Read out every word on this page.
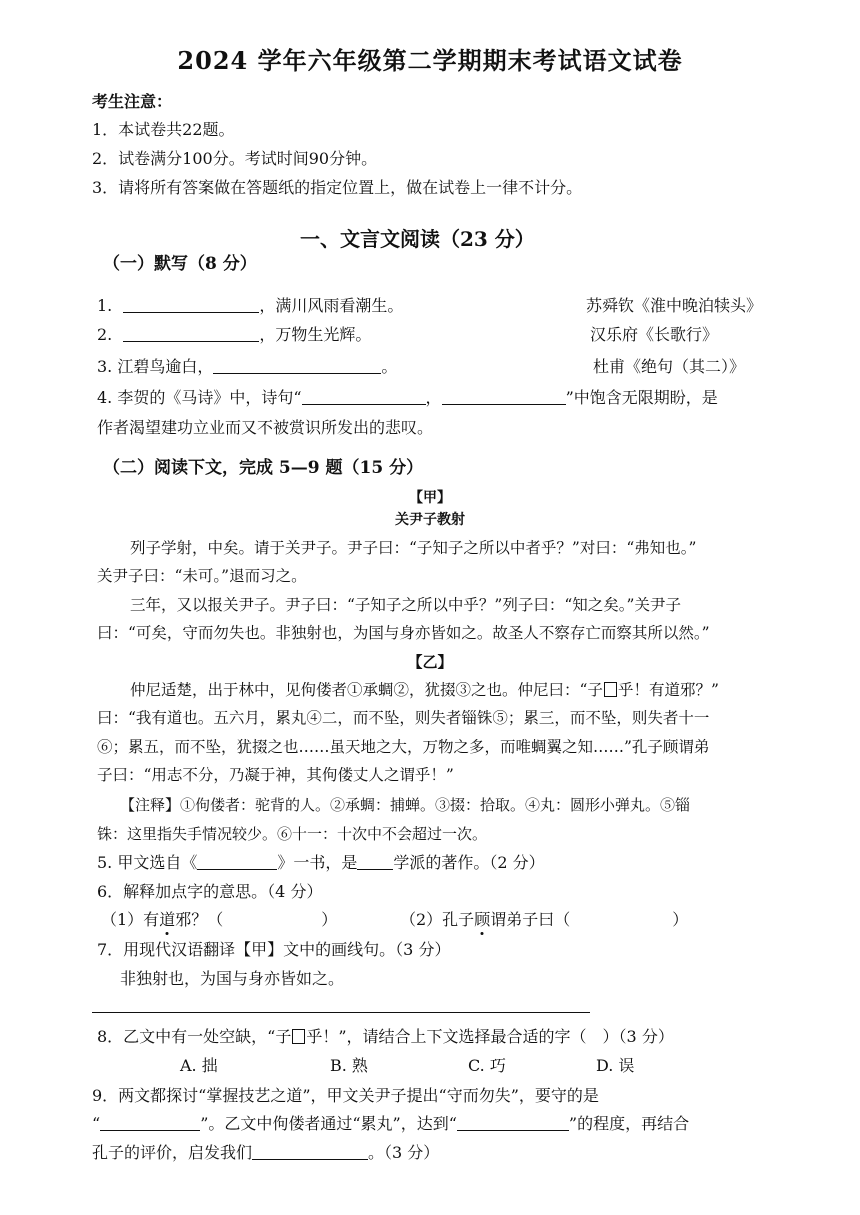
2024 学年六年级第二学期期末考试语文试卷
考生注意：
1．本试卷共22题。
2．试卷满分100分。考试时间90分钟。
3．请将所有答案做在答题纸的指定位置上，做在试卷上一律不计分。
一、文言文阅读（23 分）
（一）默写（8 分）
1.	，满川风雨看潮生。	苏舜钦《淮中晚泊犊头》
2.	，万物生光辉。	汉乐府《长歌行》
3. 江碧鸟逾白，	。	杜甫《绝句（其二）》
4. 李贺的《马诗》中，诗句“	，	”中饱含无限期盼，是
作者渴望建功立业而又不被赏识所发出的悲叹。
（二）阅读下文，完成 5—9 题（15 分）
【甲】
关尹子教射
列子学射，中矣。请于关尹子。尹子曰：“子知子之所以中者乎？”对曰：“弗知也。”
关尹子曰：“未可。”退而习之。
三年，又以报关尹子。尹子曰：“子知子之所以中乎？”列子曰：“知之矣。”关尹子
曰：“可矣，守而勿失也。非独射也，为国与身亦皆如之。故圣人不察存亡而察其所以然。”
【乙】
仲尼适楚，出于林中，见佝偻者①承蜩②，犹掇③之也。仲尼曰：“子 乎！有道邪？”
曰：“我有道也。五六月，累丸④二，而不坠，则失者锱铢⑤；累三，而不坠，则失者十一
⑥；累五，而不坠，犹掇之也……虽天地之大，万物之多，而唯蜩翼之知……”孔子顾谓弟
子曰：“用志不分，乃凝于神，其佝偻丈人之谓乎！”
【注释】①佝偻者：驼背的人。②承蜩：捕蝉。③掇：拾取。④丸：圆形小弹丸。⑤锱
铢：这里指失手情况较少。⑥十一：十次中不会超过一次。
5. 甲文选自《	》一书，是 学派的著作。（2 分）
6．解释加点字的意思。（4 分）
（1）有道
邪？（	）	（2）孔子顾
谓弟子曰（	）
7．用现代汉语翻译【甲】文中的画线句。（3 分）
非独射也，为国与身亦皆如之。
8．乙文中有一处空缺，“子 乎！”，请结合上下文选择最合适的字（　）（3 分）
A. 拙	B. 熟	C. 巧	D. 误
9．两文都探讨“掌握技艺之道”，甲文关尹子提出“守而勿失”，要守的是
“	”。乙文中佝偻者通过“累丸”，达到“	”的程度，再结合
孔子的评价，启发我们	。（3 分）
